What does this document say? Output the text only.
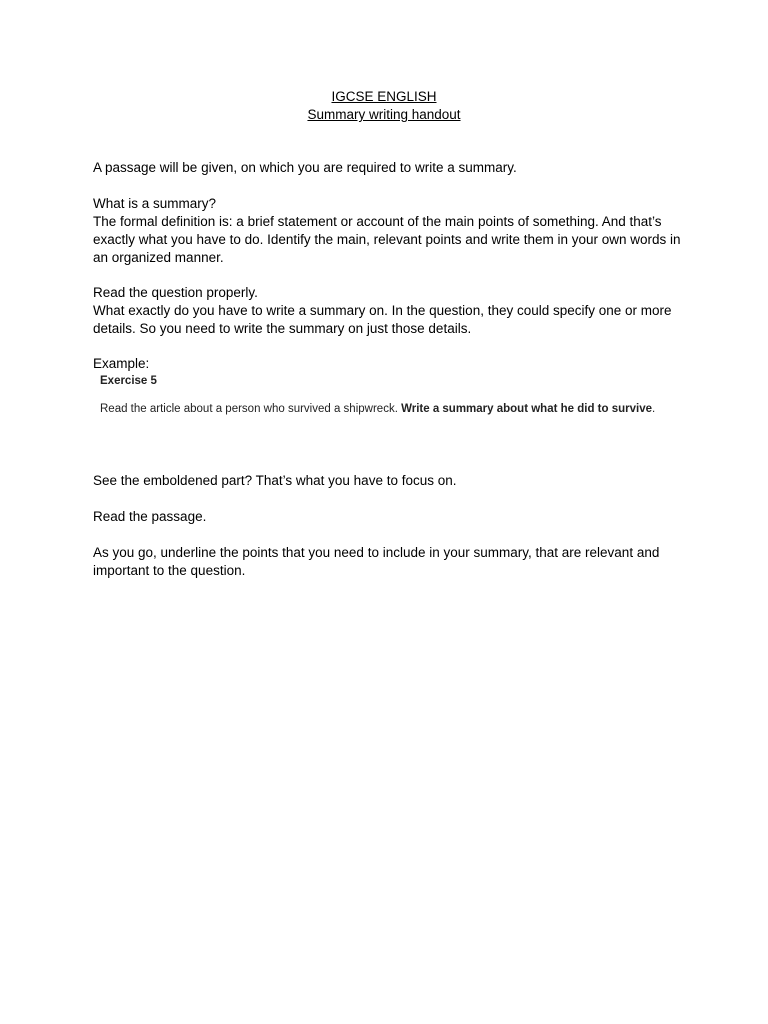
IGCSE ENGLISH
Summary writing handout

A passage will be given, on which you are required to write a summary.

What is a summary?

The formal definition is: a brief statement or account of the main points of something. And that’s exactly what you have to do. Identify the main, relevant points and write them in your own words in an organized manner.

Read the question properly.

What exactly do you have to write a summary on. In the question, they could specify one or more details. So you need to write the summary on just those details.

Example:

Exercise 5
Read the article about a person who survived a shipwreck. Write a summary about what he did to survive.

See the emboldened part? That’s what you have to focus on.

Read the passage.

As you go, underline the points that you need to include in your summary, that are relevant and important to the question.
